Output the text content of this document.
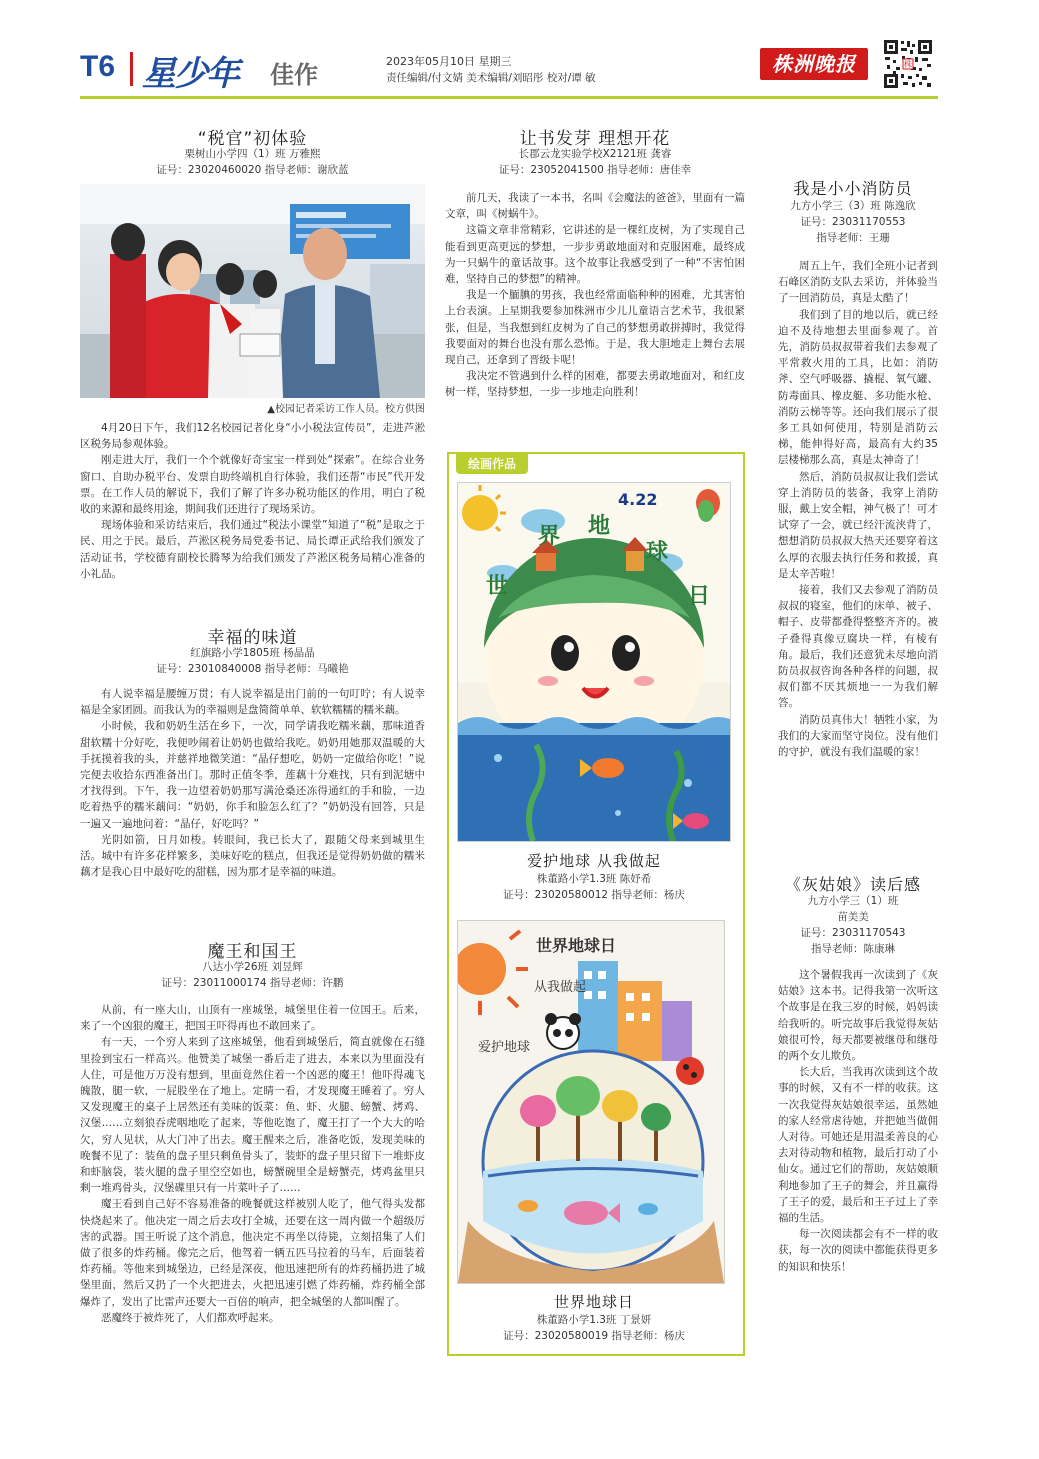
T6 星少年 佳作	2023年05月10日 星期三
责任编辑/付文婧 美术编辑/刘昭彤 校对/谭 敏
株洲晚报	株
“税官”初体验
栗树山小学四（1）班 万雅熙
证号：23020460020 指导老师：谢欣蓝
▲校园记者采访工作人员。校方供图

4月20日下午，我们12名校园记者化身“小小税法宣传员”，走进芦淞区税务局参观体验。

刚走进大厅，我们一个个就像好奇宝宝一样到处“探索”。在综合业务窗口、自助办税平台、发票自助终端机自行体验，我们还帮“市民”代开发票。在工作人员的解说下，我们了解了许多办税功能区的作用，明白了税收的来源和最终用途，期间我们还进行了现场采访。

现场体验和采访结束后，我们通过“税法小课堂”知道了“税”是取之于民、用之于民。最后，芦淞区税务局党委书记、局长谭正武给我们颁发了活动证书，学校德育副校长腾琴为给我们颁发了芦淞区税务局精心准备的小礼品。

幸福的味道
红旗路小学1805班 杨晶晶
证号：23010840008 指导老师：马曦艳

有人说幸福是腰缠万贯；有人说幸福是出门前的一句叮咛；有人说幸福是全家团圆。而我认为的幸福则是盘简简单单、软软糯糯的糯米藕。

小时候，我和奶奶生活在乡下，一次，同学请我吃糯米藕，那味道香甜软糯十分好吃，我便吵闹着让奶奶也做给我吃。奶奶用她那双温暖的大手抚摸着我的头，并慈祥地微笑道：“晶仔想吃，奶奶一定做给你吃！”说完便去收拾东西准备出门。那时正值冬季，莲藕十分难找，只有到泥塘中才找得到。下午，我一边望着奶奶那写满沧桑还冻得通红的手和脸，一边吃着热乎的糯米藕问：“奶奶，你手和脸怎么红了？”奶奶没有回答，只是一遍又一遍地问着：“晶仔，好吃吗？”

光阴如箭，日月如梭。转眼间，我已长大了，跟随父母来到城里生活。城中有许多花样繁多，美味好吃的糕点，但我还是觉得奶奶做的糯米藕才是我心目中最好吃的甜糕，因为那才是幸福的味道。

魔王和国王
八达小学26班 刘昱辉
证号：23011000174 指导老师：许鹏

从前，有一座大山，山顶有一座城堡，城堡里住着一位国王。后来，来了一个凶狠的魔王，把国王吓得再也不敢回来了。

有一天，一个穷人来到了这座城堡，他看到城堡后，简直就像在石缝里捡到宝石一样高兴。他赞美了城堡一番后走了进去，本来以为里面没有人住，可是他万万没有想到，里面竟然住着一个凶恶的魔王！他吓得魂飞魄散，腿一软，一屁股坐在了地上。定睛一看，才发现魔王睡着了。穷人又发现魔王的桌子上居然还有美味的饭菜：鱼、虾、火腿、螃蟹、烤鸡、汉堡……立刻狼吞虎咽地吃了起来，等他吃饱了，魔王打了一个大大的哈欠，穷人见状，从大门冲了出去。魔王醒来之后，准备吃饭，发现美味的晚餐不见了：装鱼的盘子里只剩鱼骨头了，装虾的盘子里只留下一堆虾皮和虾脑袋，装火腿的盘子里空空如也，螃蟹碗里全是螃蟹壳，烤鸡盆里只剩一堆鸡骨头，汉堡碟里只有一片菜叶子了……

魔王看到自己好不容易准备的晚餐就这样被别人吃了，他气得头发都快烧起来了。他决定一周之后去攻打全城，还要在这一周内做一个超级厉害的武器。国王听说了这个消息，他决定不再坐以待毙，立刻招集了人们做了很多的炸药桶。像完之后，他驾着一辆五匹马拉着的马车，后面装着炸药桶。等他来到城堡边，已经是深夜，他迅速把所有的炸药桶扔进了城堡里面，然后又扔了一个火把进去，火把迅速引燃了炸药桶，炸药桶全部爆炸了，发出了比雷声还要大一百倍的响声，把全城堡的人都叫醒了。

恶魔终于被炸死了，人们都欢呼起来。

让书发芽 理想开花
长郡云龙实验学校X2121班 龚睿
证号：23052041500 指导老师：唐佳幸

前几天，我读了一本书，名叫《会魔法的爸爸》，里面有一篇文章，叫《树蜗牛》。

这篇文章非常精彩，它讲述的是一棵红皮树，为了实现自己能看到更高更远的梦想，一步步勇敢地面对和克服困难，最终成为一只蜗牛的童话故事。这个故事让我感受到了一种“不害怕困难，坚持自己的梦想”的精神。

我是一个腼腆的男孩，我也经常面临种种的困难，尤其害怕上台表演。上星期我要参加株洲市少儿儿童语言艺术节，我很紧张，但是，当我想到红皮树为了自己的梦想勇敢拼搏时，我觉得我要面对的舞台也没有那么恐怖。于是，我大胆地走上舞台去展现自己，还拿到了晋级卡呢！

我决定不管遇到什么样的困难，都要去勇敢地面对，和红皮树一样，坚持梦想，一步一步地走向胜利！

绘画作品
世
界 地
球
日
4.22
爱护地球 从我做起
株董路小学1.3班 陈妤希
证号：23020580012 指导老师：杨庆
世界地球日
从我做起
爱护地球
世界地球日
株董路小学1.3班 丁景妍
证号：23020580019 指导老师：杨庆
我是小小消防员
九方小学三（3）班 陈逸欣
证号：23031170553
指导老师：王珊

周五上午，我们全班小记者到石峰区消防支队去采访，并体验当了一回消防员，真是太酷了！

我们到了目的地以后，就已经迫不及待地想去里面参观了。首先，消防员叔叔带着我们去参观了平常救火用的工具，比如：消防斧、空气呼吸器、撬棍、氧气罐、防毒面具、橡皮艇、多功能水枪、消防云梯等等。还向我们展示了很多工具如何使用，特别是消防云梯，能伸得好高，最高有大约35层楼梯那么高，真是太神奇了！

然后，消防员叔叔让我们尝试穿上消防员的装备，我穿上消防服，戴上安全帽，神气极了！可才试穿了一会，就已经汗流浃背了，想想消防员叔叔大热天还要穿着这么厚的衣服去执行任务和救援，真是太辛苦啦！

接着，我们又去参观了消防员叔叔的寝室，他们的床单、被子、帽子、皮带都叠得整整齐齐的。被子叠得真像豆腐块一样，有棱有角。最后，我们还意犹未尽地向消防员叔叔咨询各种各样的问题，叔叔们都不厌其烦地一一为我们解答。

消防员真伟大！牺牲小家，为我们的大家而坚守岗位。没有他们的守护，就没有我们温暖的家！

《灰姑娘》读后感
九方小学三（1）班
苗美美
证号：23031170543
指导老师：陈康琳

这个暑假我再一次读到了《灰姑娘》这本书。记得我第一次听这个故事是在我三岁的时候，妈妈读给我听的。听完故事后我觉得灰姑娘很可怜，每天都要被继母和继母的两个女儿欺负。

长大后，当我再次读到这个故事的时候，又有不一样的收获。这一次我觉得灰姑娘很幸运，虽然她的家人经常虐待她，并把她当做佣人对待。可她还是用温柔善良的心去对待动物和植物，最后打动了小仙女。通过它们的帮助，灰姑娘顺利地参加了王子的舞会，并且赢得了王子的爱，最后和王子过上了幸福的生活。

每一次阅读都会有不一样的收获，每一次的阅读中都能获得更多的知识和快乐！
